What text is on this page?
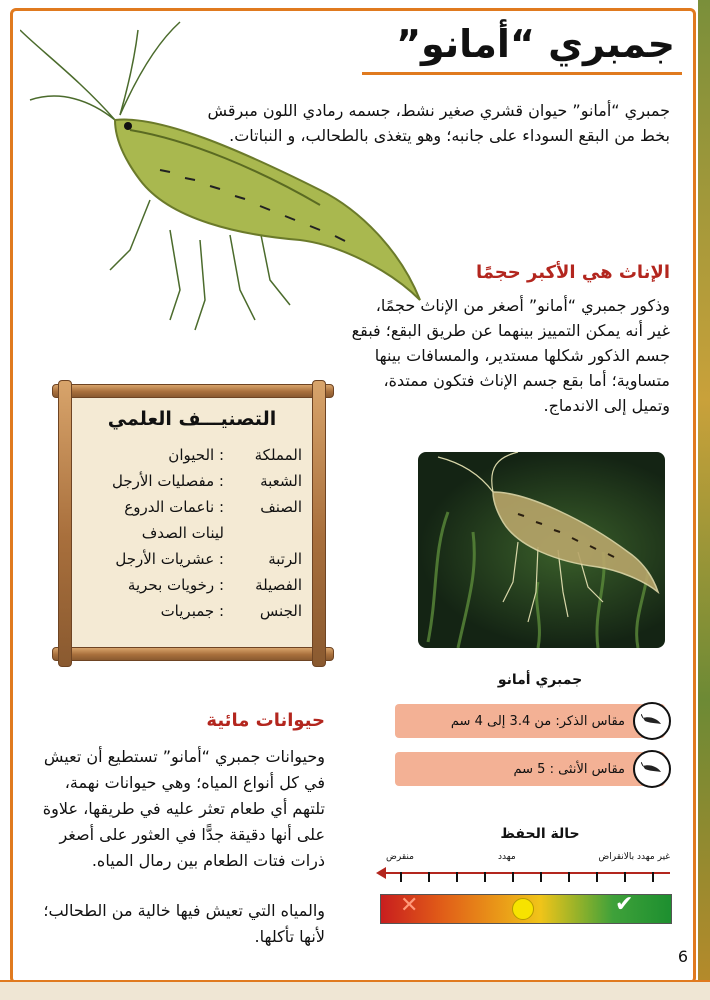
جمبري “أمانو”

جمبري “أمانو” حيوان قشري صغير نشط، جسمه رمادي اللون مبرقش بخط من البقع السوداء على جانبه؛ وهو يتغذى بالطحالب، و النباتات.

الإناث هي الأكبر حجمًا

وذكور جمبري “أمانو” أصغر من الإناث حجمًا، غير أنه يمكن التمييز بينهما عن طريق البقع؛ فبقع جسم الذكور شكلها مستدير، والمسافات بينها متساوية؛ أما بقع جسم الإناث فتكون ممتدة، وتميل إلى الاندماج.

التصنيـــف العلمي
المملكة
: الحيوان
الشعبة
: مفصليات الأرجل
الصنف
: ناعمات الدروع
لينات الصدف
الرتبة
: عشريات الأرجل
الفصيلة
: رخويات بحرية
الجنس
: جمبريات
جمبري أمانو
مقاس الذكر: من 3.4 إلى 4 سم
مقاس الأنثى : 5 سم
حالة الحفظ
غير مهدد بالانقراض
مهدد
منقرض
✕	✔
حيوانات مائية

وحيوانات جمبري “أمانو” تستطيع أن تعيش في كل أنواع المياه؛ وهي حيوانات نهمة، تلتهم أي طعام تعثر عليه في طريقها، علاوة على أنها دقيقة جدًّا في العثور على أصغر ذرات فتات الطعام بين رمال المياه.

والمياه التي تعيش فيها خالية من الطحالب؛ لأنها تأكلها.

6
